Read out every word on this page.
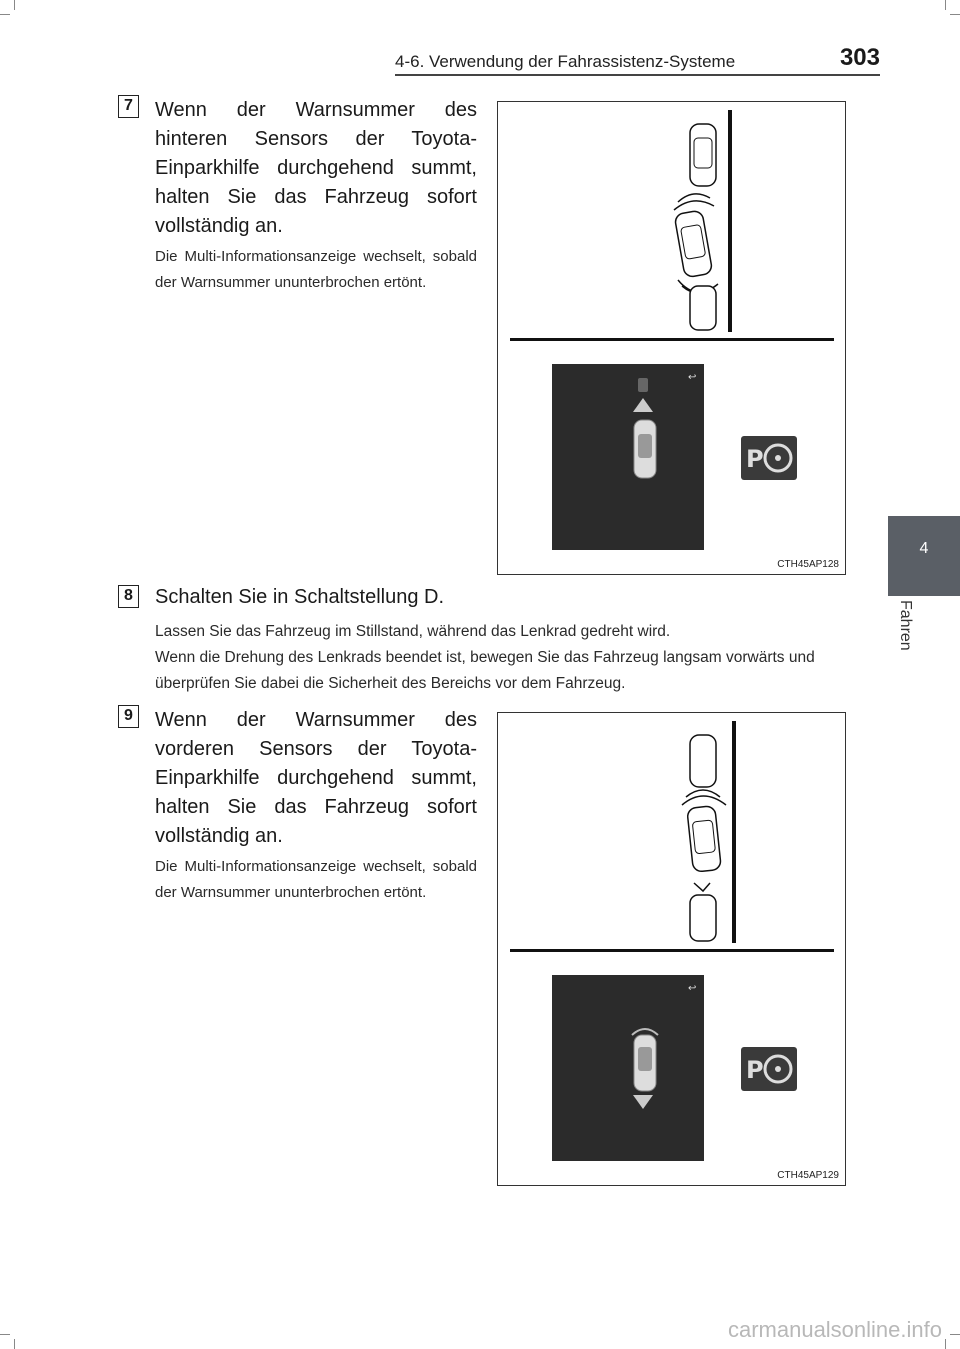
4-6. Verwendung der Fahrassistenz-Systeme	303
4
Fahren
7	Wenn der Warnsummer des hinteren Sensors der Toyota-Einparkhilfe durchgehend summt, halten Sie das Fahrzeug sofort vollständig an.
Die Multi-Informationsanzeige wechselt, sobald der Warnsummer ununterbrochen ertönt.
↩
P
CTH45AP128
8	Schalten Sie in Schaltstellung D.
Lassen Sie das Fahrzeug im Stillstand, während das Lenkrad gedreht wird.
Wenn die Drehung des Lenkrads beendet ist, bewegen Sie das Fahrzeug langsam vorwärts und überprüfen Sie dabei die Sicherheit des Bereichs vor dem Fahrzeug.
9	Wenn der Warnsummer des vorderen Sensors der Toyota-Einparkhilfe durchgehend summt, halten Sie das Fahrzeug sofort vollständig an.
Die Multi-Informationsanzeige wechselt, sobald der Warnsummer ununterbrochen ertönt.
↩
P
CTH45AP129
carmanualsonline.info
